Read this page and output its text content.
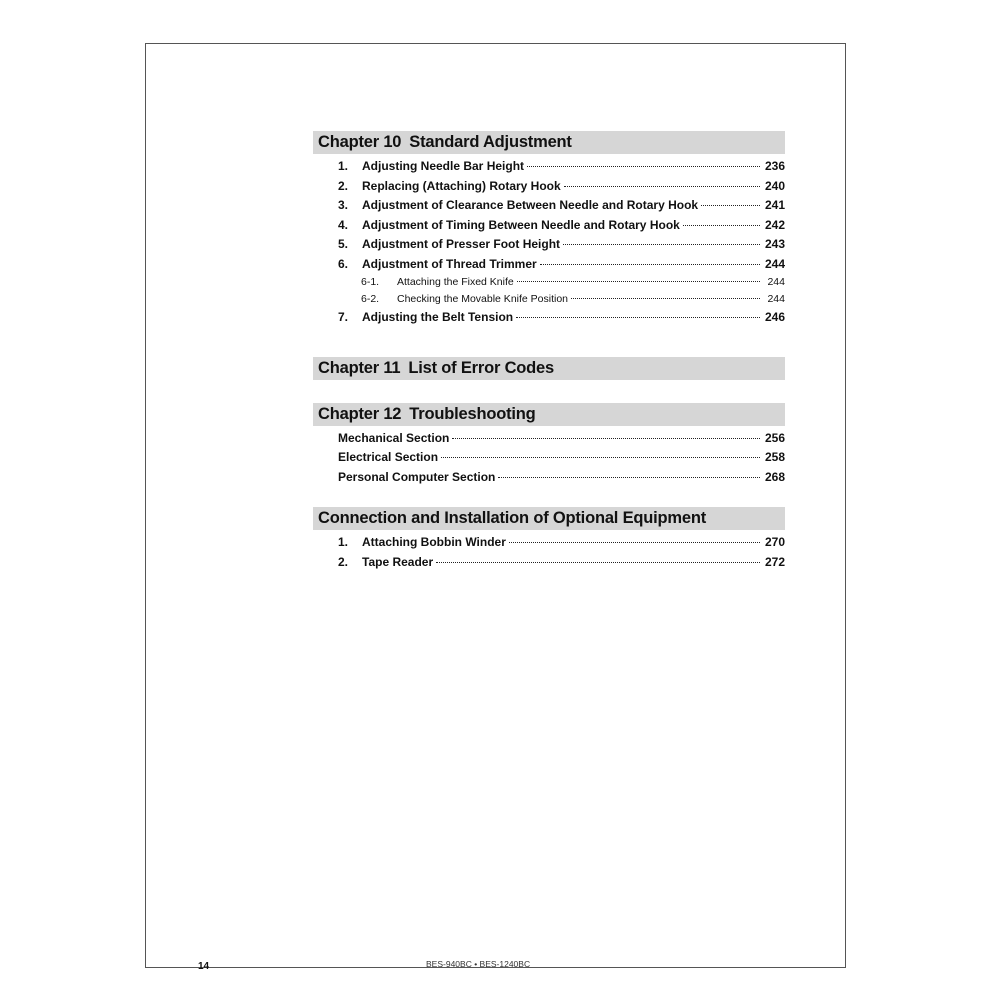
Chapter 10 Standard Adjustment
1.	Adjusting Needle Bar Height	236
2.	Replacing (Attaching) Rotary Hook	240
3.	Adjustment of Clearance Between Needle and Rotary Hook	241
4.	Adjustment of Timing Between Needle and Rotary Hook	242
5.	Adjustment of Presser Foot Height	243
6.	Adjustment of Thread Trimmer	244
6-1.	Attaching the Fixed Knife	244
6-2.	Checking the Movable Knife Position	244
7.	Adjusting the Belt Tension	246
Chapter 11 List of Error Codes
Chapter 12 Troubleshooting
Mechanical Section	256
Electrical Section	258
Personal Computer Section	268
Connection and Installation of Optional Equipment
1.	Attaching Bobbin Winder	270
2.	Tape Reader	272
14	BES-940BC • BES-1240BC
